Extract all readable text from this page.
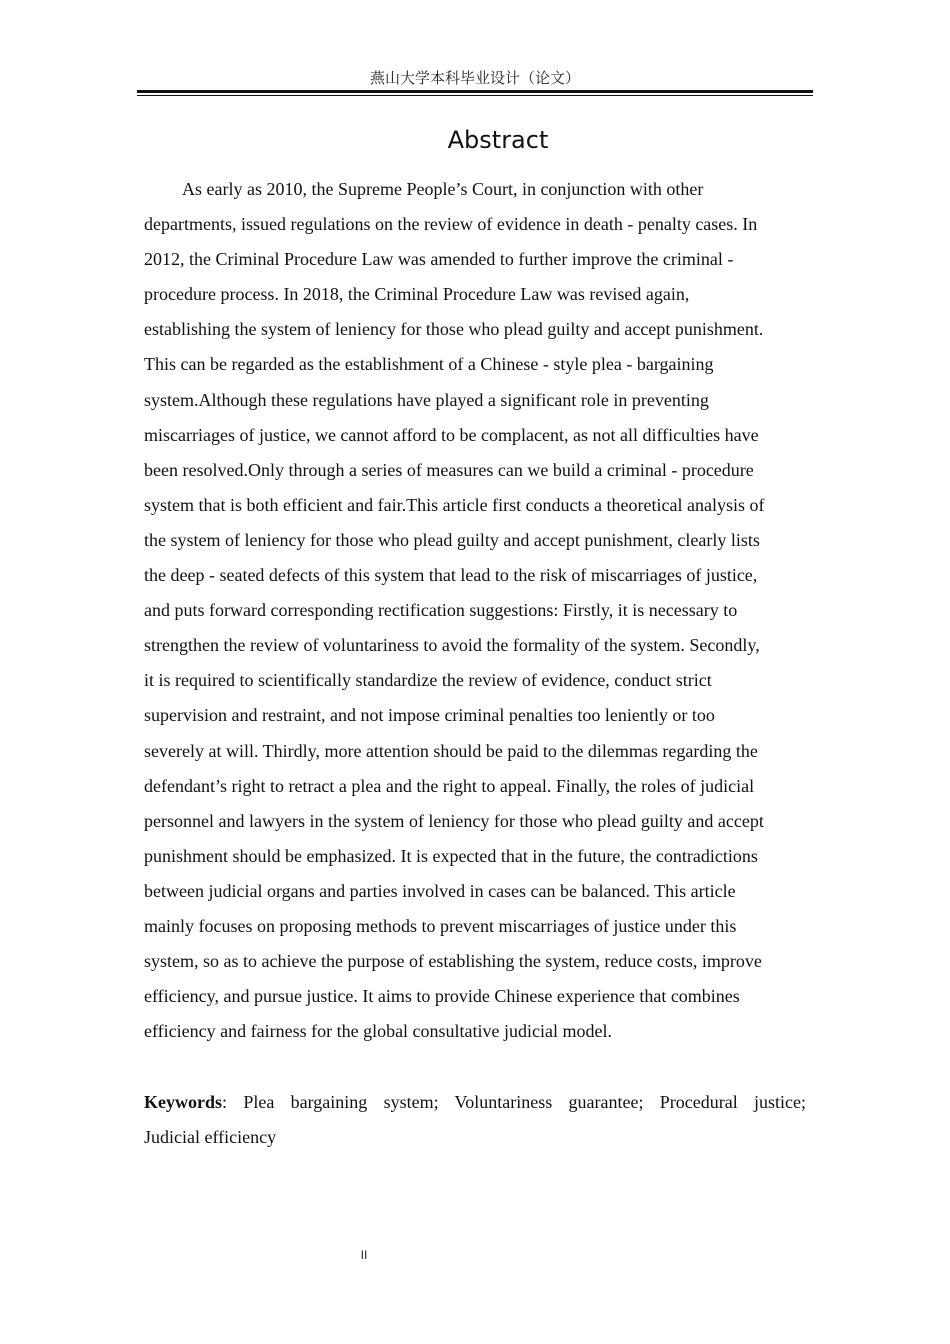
燕山大学本科毕业设计（论文）
Abstract
As early as 2010, the Supreme People’s Court, in conjunction with other
departments, issued regulations on the review of evidence in death - penalty cases. In
2012, the Criminal Procedure Law was amended to further improve the criminal -
procedure process. In 2018, the Criminal Procedure Law was revised again,
establishing the system of leniency for those who plead guilty and accept punishment.
This can be regarded as the establishment of a Chinese - style plea - bargaining
system.Although these regulations have played a significant role in preventing
miscarriages of justice, we cannot afford to be complacent, as not all difficulties have
been resolved.Only through a series of measures can we build a criminal - procedure
system that is both efficient and fair.This article first conducts a theoretical analysis of
the system of leniency for those who plead guilty and accept punishment, clearly lists
the deep - seated defects of this system that lead to the risk of miscarriages of justice,
and puts forward corresponding rectification suggestions: Firstly, it is necessary to
strengthen the review of voluntariness to avoid the formality of the system. Secondly,
it is required to scientifically standardize the review of evidence, conduct strict
supervision and restraint, and not impose criminal penalties too leniently or too
severely at will. Thirdly, more attention should be paid to the dilemmas regarding the
defendant’s right to retract a plea and the right to appeal. Finally, the roles of judicial
personnel and lawyers in the system of leniency for those who plead guilty and accept
punishment should be emphasized. It is expected that in the future, the contradictions
between judicial organs and parties involved in cases can be balanced. This article
mainly focuses on proposing methods to prevent miscarriages of justice under this
system, so as to achieve the purpose of establishing the system, reduce costs, improve
efficiency, and pursue justice. It aims to provide Chinese experience that combines
efficiency and fairness for the global consultative judicial model.
Keywords: Plea bargaining system; Voluntariness guarantee; Procedural justice;
Judicial efficiency
II
